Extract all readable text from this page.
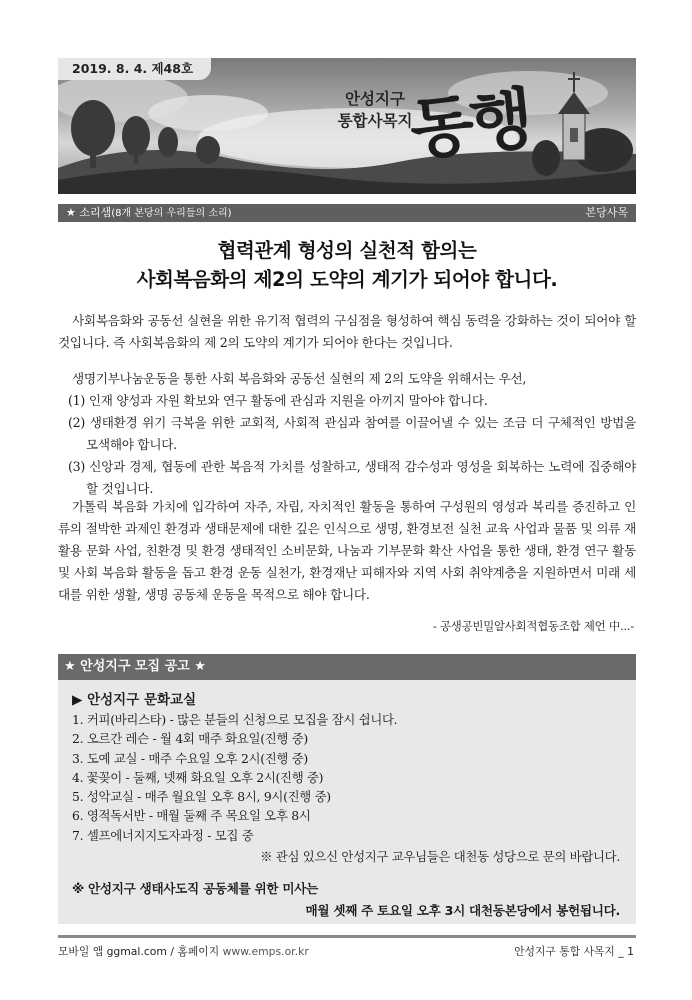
2019. 8. 4. 제48호
안성지구
통합사목지
동행
★ 소리샘(8개 본당의 우리들의 소리)	본당사목
협력관계 형성의 실천적 함의는
사회복음화의 제2의 도약의 계기가 되어야 합니다.
사회복음화와 공동선 실현을 위한 유기적 협력의 구심점을 형성하여 핵심 동력을 강화하는 것이 되어야 할 것입니다. 즉 사회복음화의 제 2의 도약의 계기가 되어야 한다는 것입니다.
생명기부나눔운동을 통한 사회 복음화와 공동선 실현의 제 2의 도약을 위해서는 우선,
(1) 인재 양성과 자원 확보와 연구 활동에 관심과 지원을 아끼지 말아야 합니다.
(2) 생태환경 위기 극복을 위한 교회적, 사회적 관심과 참여를 이끌어낼 수 있는 조금 더 구체적인 방법을 모색해야 합니다.
(3) 신앙과 경제, 협동에 관한 복음적 가치를 성찰하고, 생태적 감수성과 영성을 회복하는 노력에 집중해야 할 것입니다.
가톨릭 복음화 가치에 입각하여 자주, 자립, 자치적인 활동을 통하여 구성원의 영성과 복리를 증진하고 인류의 절박한 과제인 환경과 생태문제에 대한 깊은 인식으로 생명, 환경보전 실천 교육 사업과 물품 및 의류 재활용 문화 사업, 친환경 및 환경 생태적인 소비문화, 나눔과 기부문화 확산 사업을 통한 생태, 환경 연구 활동 및 사회 복음화 활동을 돕고 환경 운동 실천가, 환경재난 피해자와 지역 사회 취약계층을 지원하면서 미래 세대를 위한 생활, 생명 공동체 운동을 목적으로 해야 합니다.
- 공생공빈밀알사회적협동조합 제언 中...-
★ 안성지구 모집 공고 ★
▶ 안성지구 문화교실
1. 커피(바리스타) - 많은 분들의 신청으로 모집을 잠시 쉽니다.
2. 오르간 레슨 - 월 4회 매주 화요일(진행 중)
3. 도예 교실 - 매주 수요일 오후 2시(진행 중)
4. 꽃꽂이 - 둘째, 넷째 화요일 오후 2시(진행 중)
5. 성악교실 - 매주 월요일 오후 8시, 9시(진행 중)
6. 영적독서반 - 매월 둘째 주 목요일 오후 8시
7. 셀프에너지지도자과정 - 모집 중
※ 관심 있으신 안성지구 교우님들은 대천동 성당으로 문의 바랍니다.
※ 안성지구 생태사도직 공동체를 위한 미사는
매월 셋째 주 토요일 오후 3시 대천동본당에서 봉헌됩니다.
모바일 앱 ggmal.com / 홈페이지 www.emps.or.kr	안성지구 통합 사목지 _ 1
